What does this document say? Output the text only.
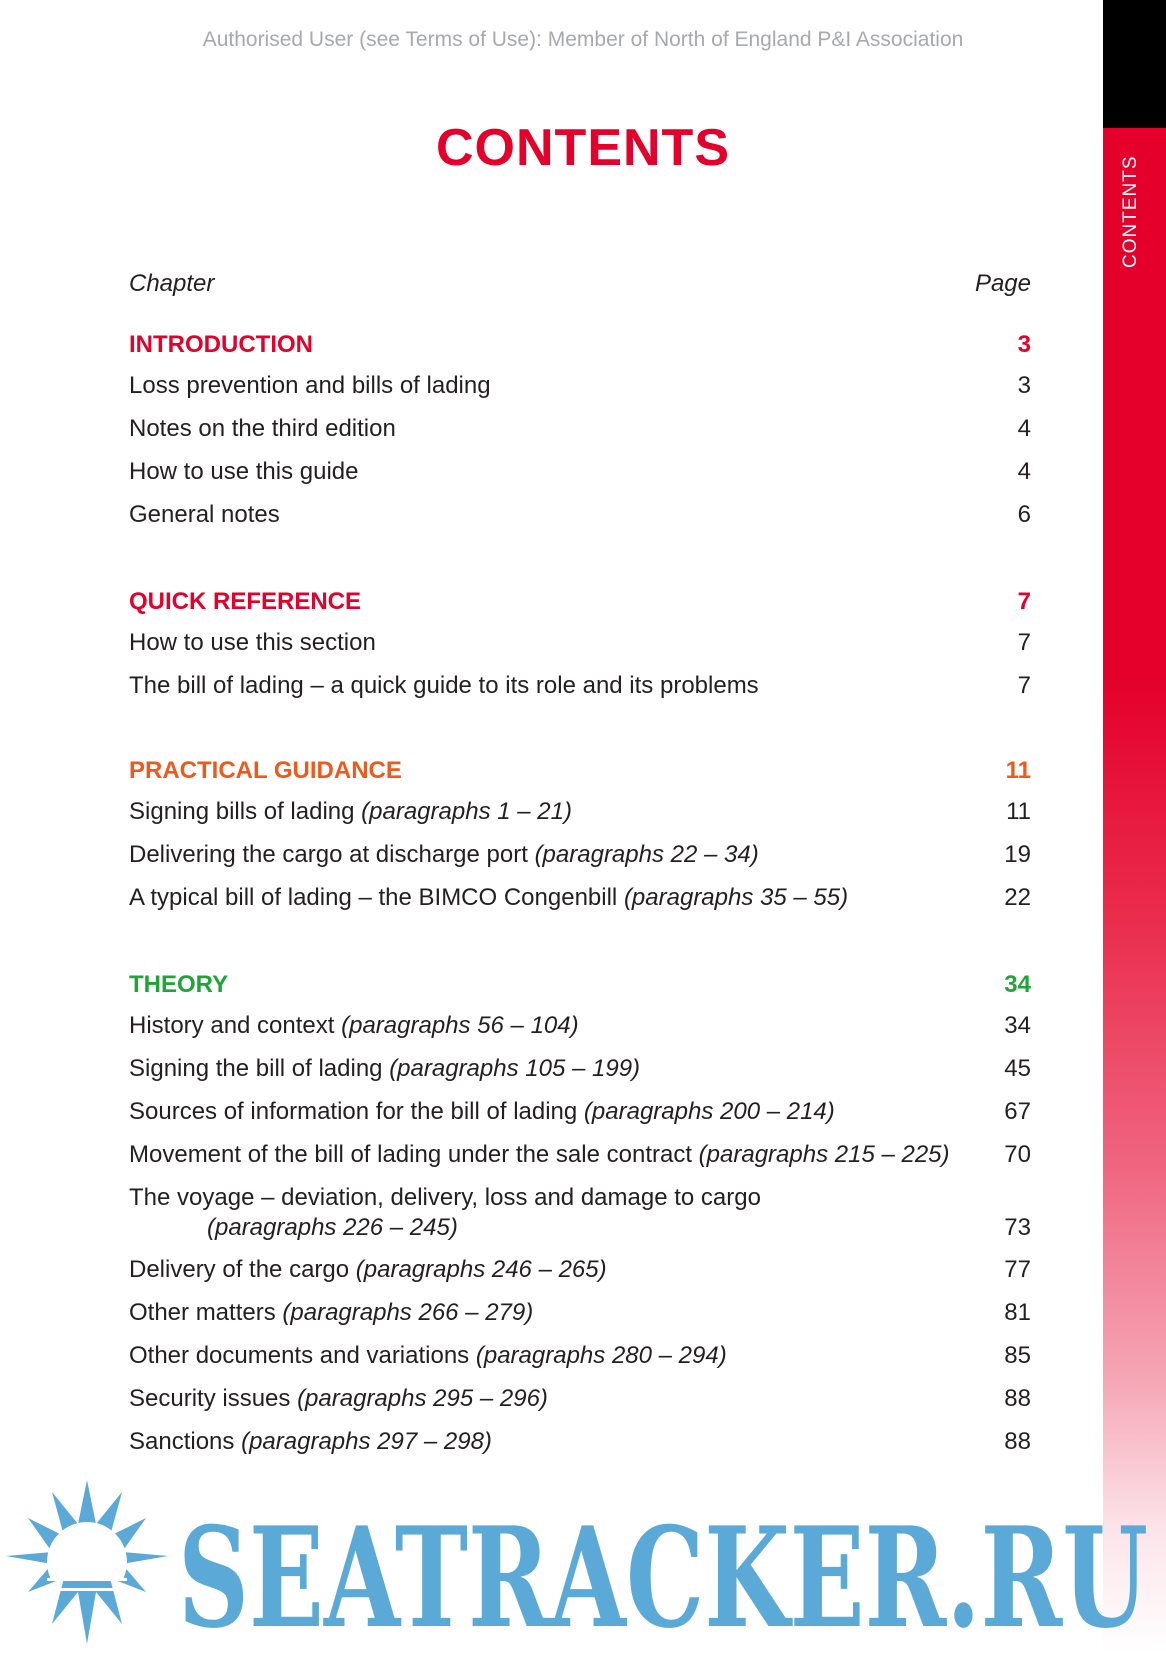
Authorised User (see Terms of Use): Member of North of England P&I Association
CONTENTS
CONTENTS
Chapter	Page
INTRODUCTION	3
Loss prevention and bills of lading	3
Notes on the third edition	4
How to use this guide	4
General notes	6
QUICK REFERENCE	7
How to use this section	7
The bill of lading – a quick guide to its role and its problems	7
PRACTICAL GUIDANCE	11
Signing bills of lading (paragraphs 1 – 21)	11
Delivering the cargo at discharge port (paragraphs 22 – 34)	19
A typical bill of lading – the BIMCO Congenbill (paragraphs 35 – 55)	22
THEORY	34
History and context (paragraphs 56 – 104)	34
Signing the bill of lading (paragraphs 105 – 199)	45
Sources of information for the bill of lading (paragraphs 200 – 214)	67
Movement of the bill of lading under the sale contract (paragraphs 215 – 225) 70
The voyage – deviation, delivery, loss and damage to cargo
(paragraphs 226 – 245)	73
Delivery of the cargo (paragraphs 246 – 265)	77
Other matters (paragraphs 266 – 279)	81
Other documents and variations (paragraphs 280 – 294)	85
Security issues (paragraphs 295 – 296)	88
Sanctions (paragraphs 297 – 298)	88
SEATRACKER.RU
